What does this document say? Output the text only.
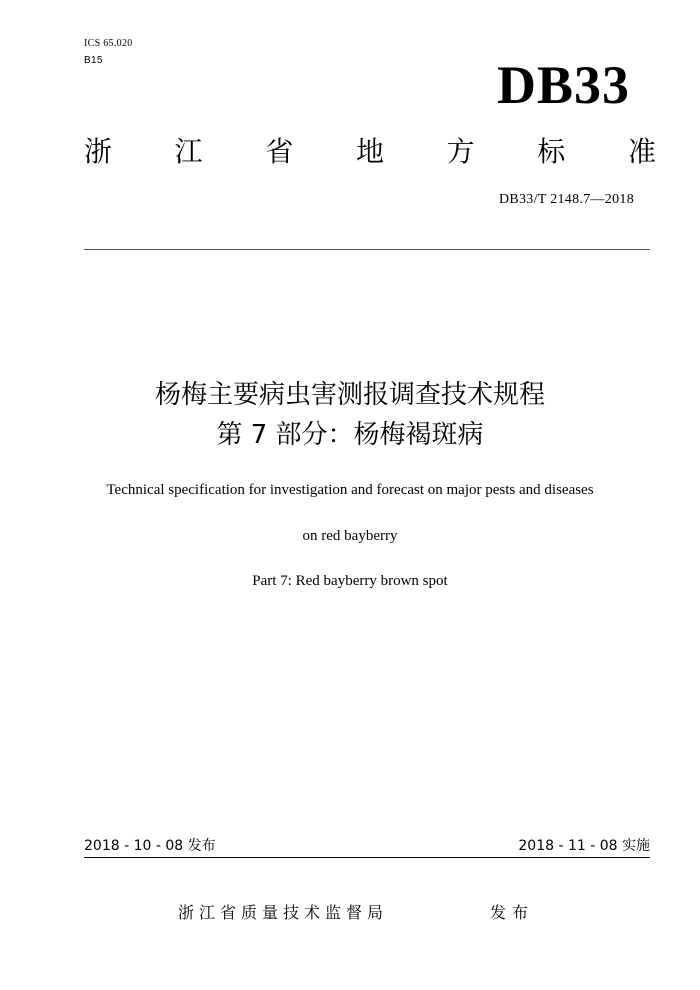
ICS 65.020
B15	DB33
浙 江 省 地 方 标 准
DB33/T 2148.7—2018
杨梅主要病虫害测报调查技术规程
第 7 部分：杨梅褐斑病
Technical specification for investigation and forecast on major pests and diseases
on red bayberry
Part 7: Red bayberry brown spot
2018 - 10 - 08 发布	2018 - 11 - 08 实施
浙江省质量技术监督局	发布
